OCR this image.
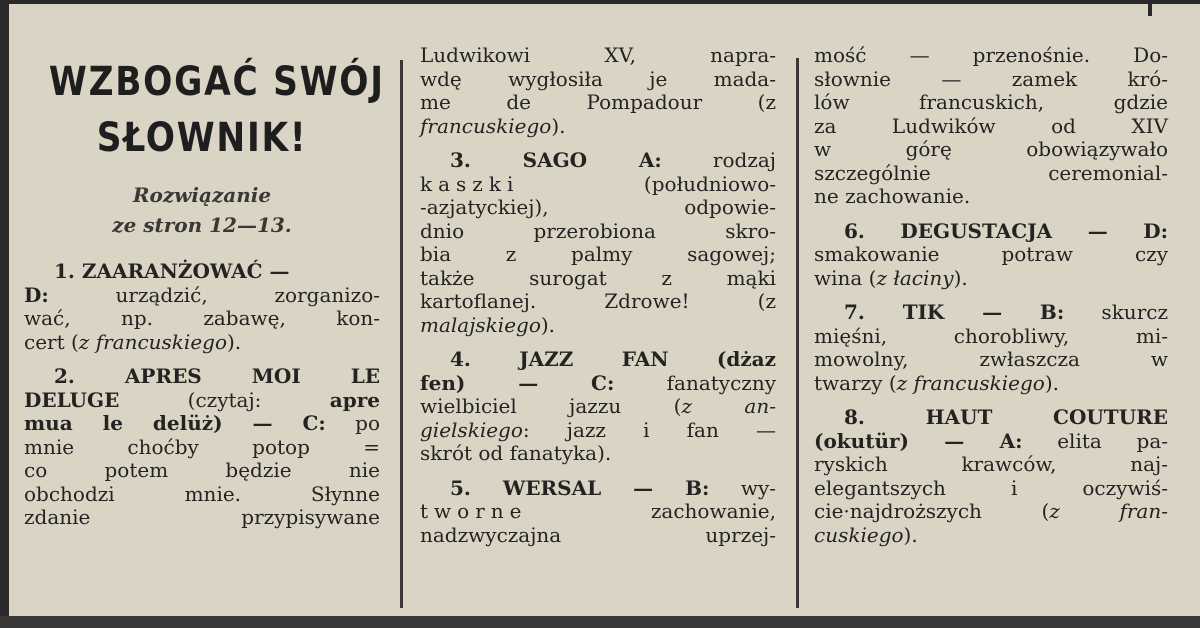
WZBOGAĆ SWÓJ
SŁOWNIK!
Rozwiązanie
ze stron 12—13.
1. ZAARANŻOWAĆ —
D: urządzić, zorganizo-
wać, np. zabawę, kon-
cert (z francuskiego).
2. APRES MOI LE
DELUGE (czytaj: apre
mua le delüż) — C: po
mnie choćby potop =
co potem będzie nie
obchodzi mnie. Słynne
zdanie przypisywane
Ludwikowi XV, napra-
wdę wygłosiła je mada-
me de Pompadour (z
francuskiego).
3. SAGO A: rodzaj
kaszki (południowo-
-azjatyckiej), odpowie-
dnio przerobiona skro-
bia z palmy sagowej;
także surogat z mąki
kartoflanej. Zdrowe! (z
malajskiego).
4. JAZZ FAN (dżaz
fen) — C: fanatyczny
wielbiciel jazzu (z an-
gielskiego: jazz i fan —
skrót od fanatyka).
5. WERSAL — B: wy-
tworne zachowanie,
nadzwyczajna uprzej-
mość — przenośnie. Do-
słownie — zamek kró-
lów francuskich, gdzie
za Ludwików od XIV
w górę obowiązywało
szczególnie ceremonial-
ne zachowanie.
6. DEGUSTACJA — D:
smakowanie potraw czy
wina (z łaciny).
7. TIK — B: skurcz
mięśni, chorobliwy, mi-
mowolny, zwłaszcza w
twarzy (z francuskiego).
8. HAUT COUTURE
(okutür) — A: elita pa-
ryskich krawców, naj-
elegantszych i oczywiś-
cie·najdroższych (z fran-
cuskiego).
